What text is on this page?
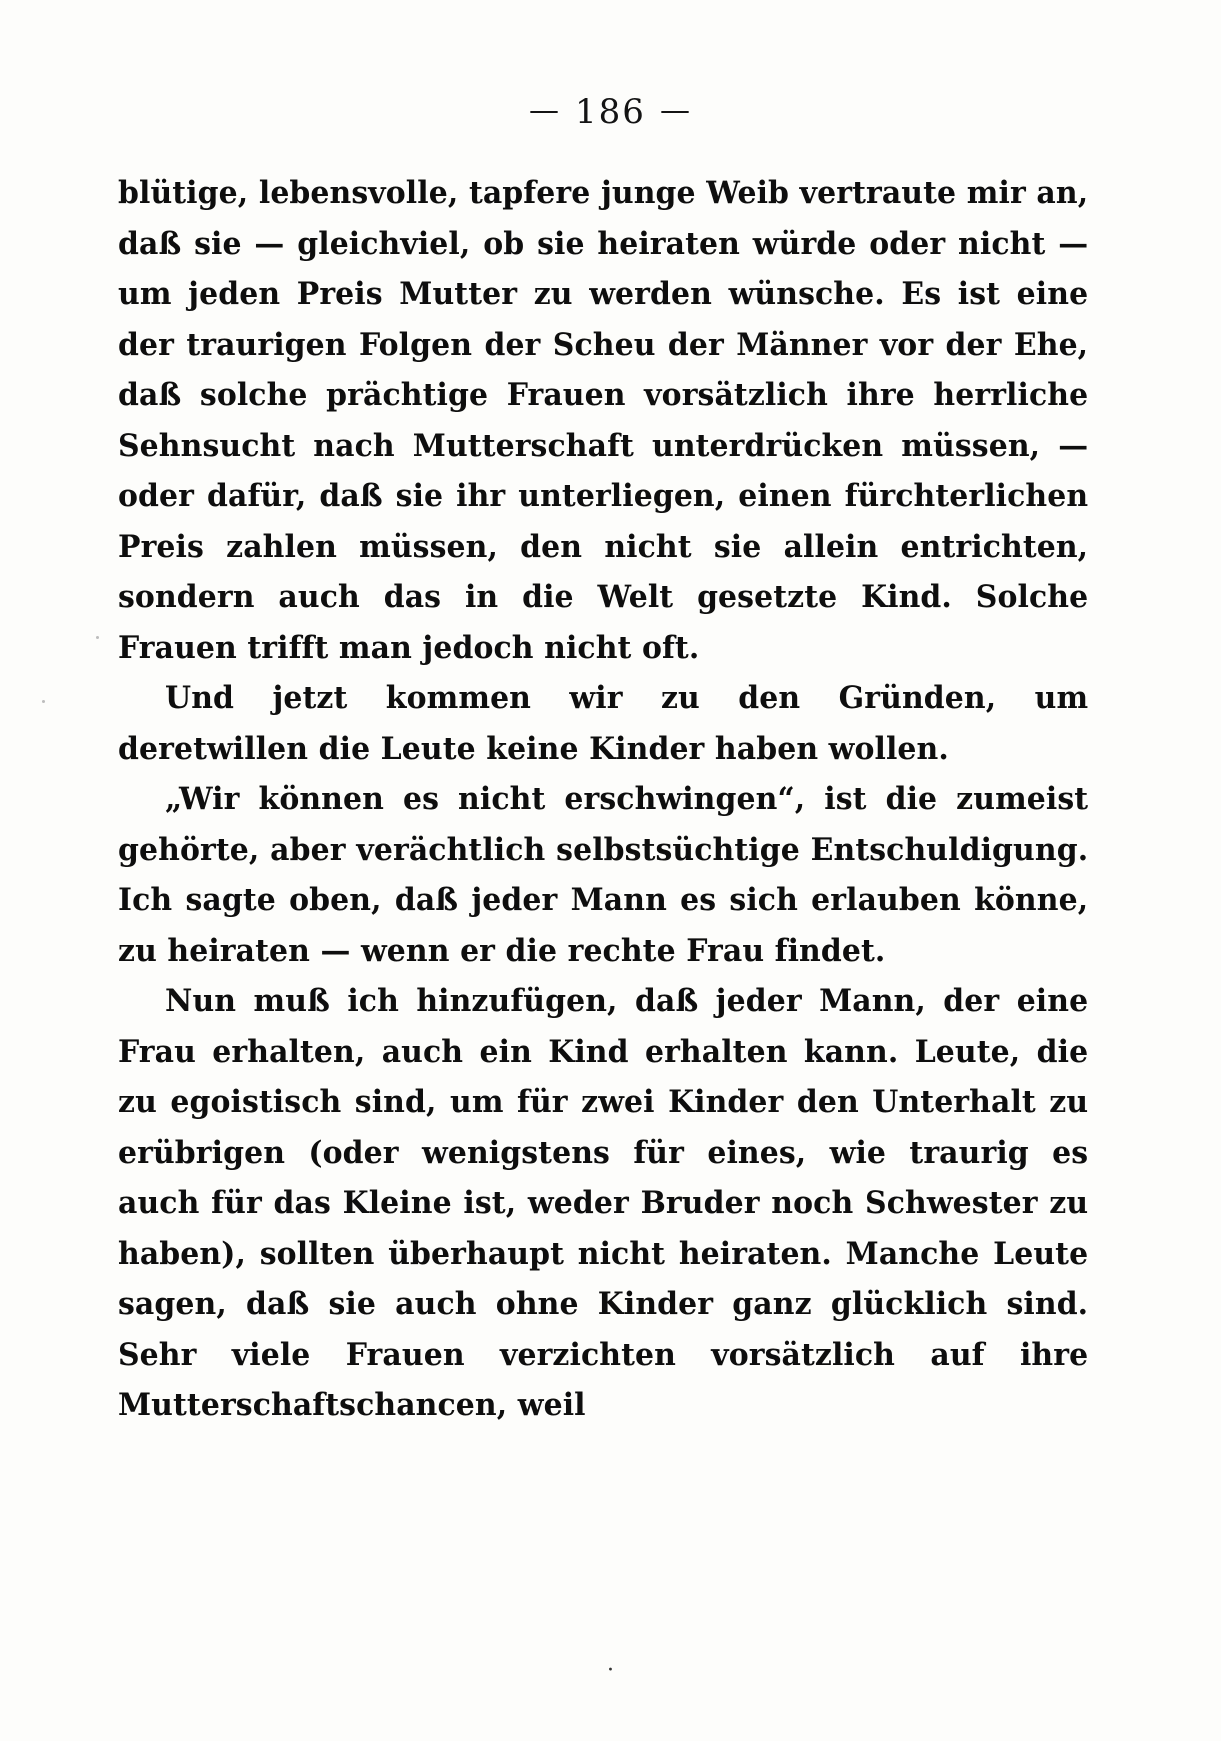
— 186 —

blütige, lebensvolle, tapfere junge Weib vertraute mir an, daß sie — gleichviel, ob sie heiraten würde oder nicht — um jeden Preis Mutter zu werden wünsche. Es ist eine der traurigen Folgen der Scheu der Männer vor der Ehe, daß solche prächtige Frauen vorsätzlich ihre herrliche Sehnsucht nach Mutterschaft unterdrücken müssen, — oder dafür, daß sie ihr unterliegen, einen fürchterlichen Preis zahlen müssen, den nicht sie allein entrichten, sondern auch das in die Welt gesetzte Kind. Solche Frauen trifft man jedoch nicht oft.

Und jetzt kommen wir zu den Gründen, um deretwillen die Leute keine Kinder haben wollen.

„Wir können es nicht erschwingen“, ist die zumeist gehörte, aber verächtlich selbstsüchtige Entschuldigung. Ich sagte oben, daß jeder Mann es sich erlauben könne, zu heiraten — wenn er die rechte Frau findet.

Nun muß ich hinzufügen, daß jeder Mann, der eine Frau erhalten, auch ein Kind erhalten kann. Leute, die zu egoistisch sind, um für zwei Kinder den Unterhalt zu erübrigen (oder wenigstens für eines, wie traurig es auch für das Kleine ist, weder Bruder noch Schwester zu haben), sollten überhaupt nicht heiraten. Manche Leute sagen, daß sie auch ohne Kinder ganz glücklich sind. Sehr viele Frauen verzichten vorsätzlich auf ihre Mutterschaftschancen, weil

·
